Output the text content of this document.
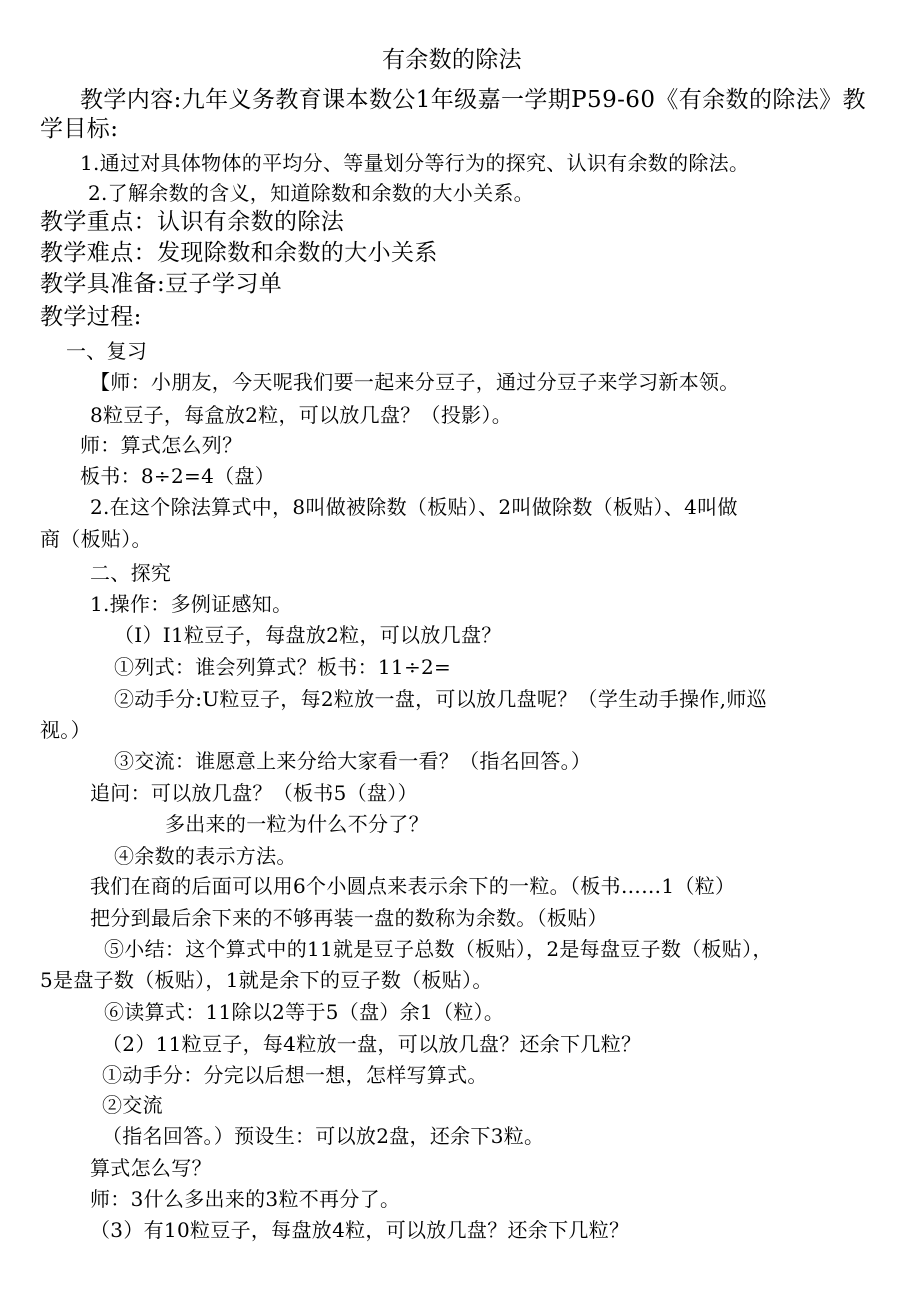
有余数的除法
教学内容:九年义务教育课本数公1年级嘉一学期P59-60《有余数的除法》教
学目标:
1.通过对具体物体的平均分、等量划分等行为的探究、认识有余数的除法。
2.了解余数的含义，知道除数和余数的大小关系。
教学重点：认识有余数的除法
教学难点：发现除数和余数的大小关系
教学具准备:豆子学习单
教学过程:
一、复习
【师：小朋友，今天呢我们要一起来分豆子，通过分豆子来学习新本领。
8粒豆子，每盒放2粒，可以放几盘？（投影）。
师：算式怎么列？
板书：8÷2=4（盘）
2.在这个除法算式中，8叫做被除数（板贴）、2叫做除数（板贴）、4叫做
商（板贴）。
二、探究
1.操作：多例证感知。
（I）I1粒豆子，每盘放2粒，可以放几盘？
①列式：谁会列算式？板书：11÷2=
②动手分:U粒豆子，每2粒放一盘，可以放几盘呢？（学生动手操作,师巡
视。）
③交流：谁愿意上来分给大家看一看？（指名回答。）
追问：可以放几盘？（板书5（盘））
多出来的一粒为什么不分了？
④余数的表示方法。
我们在商的后面可以用6个小圆点来表示余下的一粒。（板书……1（粒）
把分到最后余下来的不够再装一盘的数称为余数。（板贴）
⑤小结：这个算式中的11就是豆子总数（板贴），2是每盘豆子数（板贴），
5是盘子数（板贴），1就是余下的豆子数（板贴）。
⑥读算式：11除以2等于5（盘）余1（粒）。
（2）11粒豆子，每4粒放一盘，可以放几盘？还余下几粒？
①动手分：分完以后想一想，怎样写算式。
②交流
（指名回答。）预设生：可以放2盘，还余下3粒。
算式怎么写？
师：3什么多出来的3粒不再分了。
（3）有10粒豆子，每盘放4粒，可以放几盘？还余下几粒？
